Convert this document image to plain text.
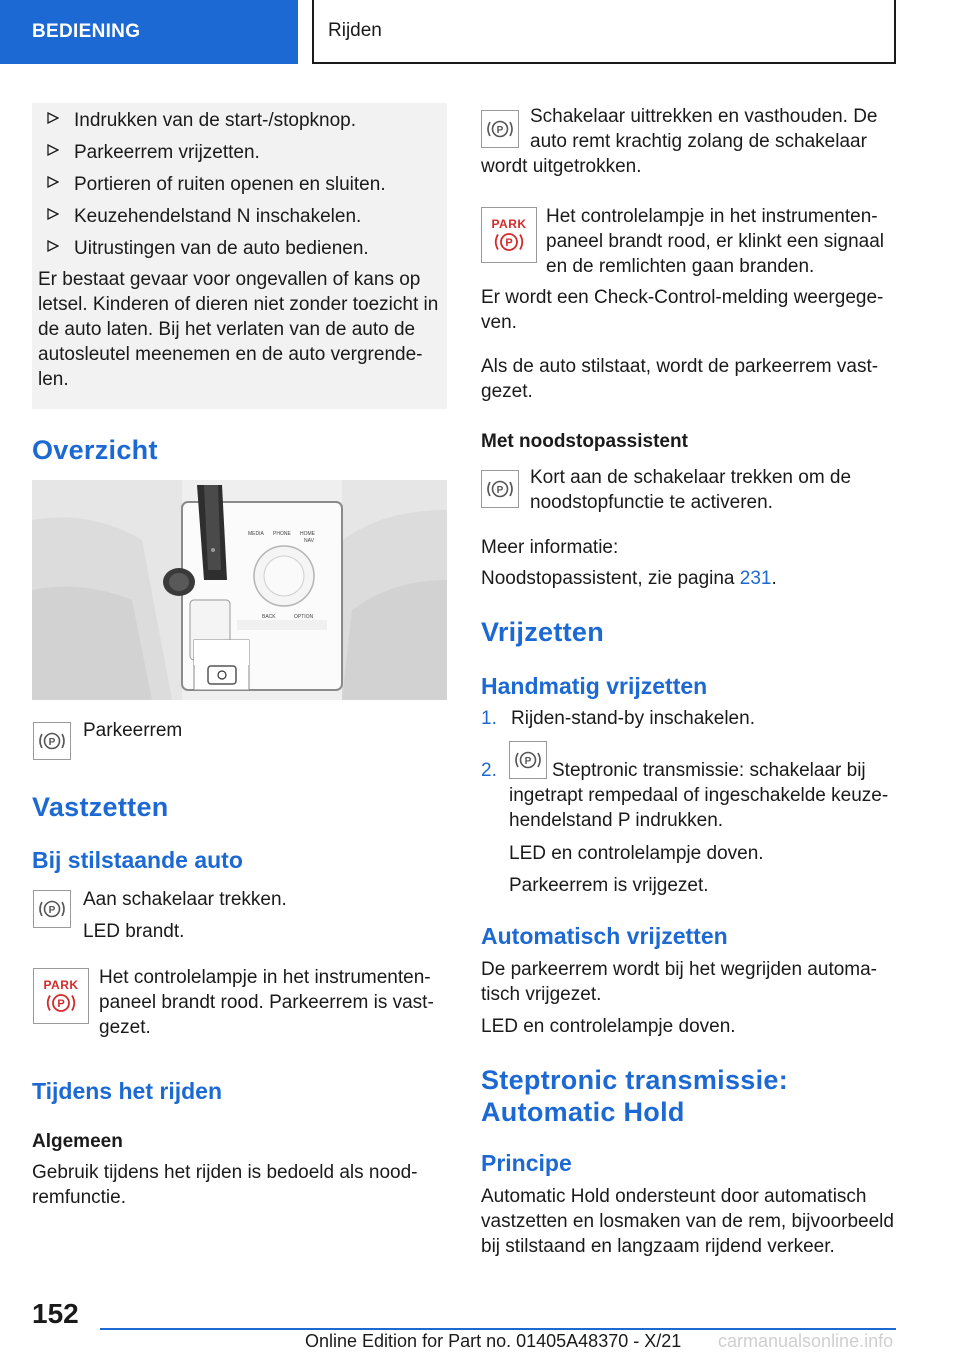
BEDIENING	Rijden
Indrukken van de start-/stopknop.
Parkeerrem vrijzetten.
Portieren of ruiten openen en sluiten.
Keuzehendelstand N inschakelen.
Uitrustingen van de auto bedienen.
Er bestaat gevaar voor ongevallen of kans op
letsel. Kinderen of dieren niet zonder toezicht in
de auto laten. Bij het verlaten van de auto de
autosleutel meenemen en de auto vergrende-
len.
Overzicht
MEDIA PHONE HOME
NAV
BACK	OPTION
P
Parkeerrem
Vastzetten
Bij stilstaande auto
P
Aan schakelaar trekken.
LED brandt.
PARK
P
Het controlelampje in het instrumenten-
paneel brandt rood. Parkeerrem is vast-
gezet.
Tijdens het rijden
Algemeen
Gebruik tijdens het rijden is bedoeld als nood-
remfunctie.
P
Schakelaar uittrekken en vasthouden. De
auto remt krachtig zolang de schakelaar
wordt uitgetrokken.
PARK
P
Het controlelampje in het instrumenten-
paneel brandt rood, er klinkt een signaal
en de remlichten gaan branden.
Er wordt een Check-Control-melding weergege-
ven.
Als de auto stilstaat, wordt de parkeerrem vast-
gezet.
Met noodstopassistent
P
Kort aan de schakelaar trekken om de
noodstopfunctie te activeren.
Meer informatie:
Noodstopassistent, zie pagina 231.
Vrijzetten
Handmatig vrijzetten
1. Rijden-stand-by inschakelen.
2.	P Steptronic transmissie: schakelaar bij
ingetrapt rempedaal of ingeschakelde keuze-
hendelstand P indrukken.
LED en controlelampje doven.
Parkeerrem is vrijgezet.
Automatisch vrijzetten
De parkeerrem wordt bij het wegrijden automa-
tisch vrijgezet.
LED en controlelampje doven.
Steptronic transmissie:
Automatic Hold
Principe
Automatic Hold ondersteunt door automatisch
vastzetten en losmaken van de rem, bijvoorbeeld
bij stilstaand en langzaam rijdend verkeer.
152
Online Edition for Part no. 01405A48370 - X/21 carmanualsonline.info
